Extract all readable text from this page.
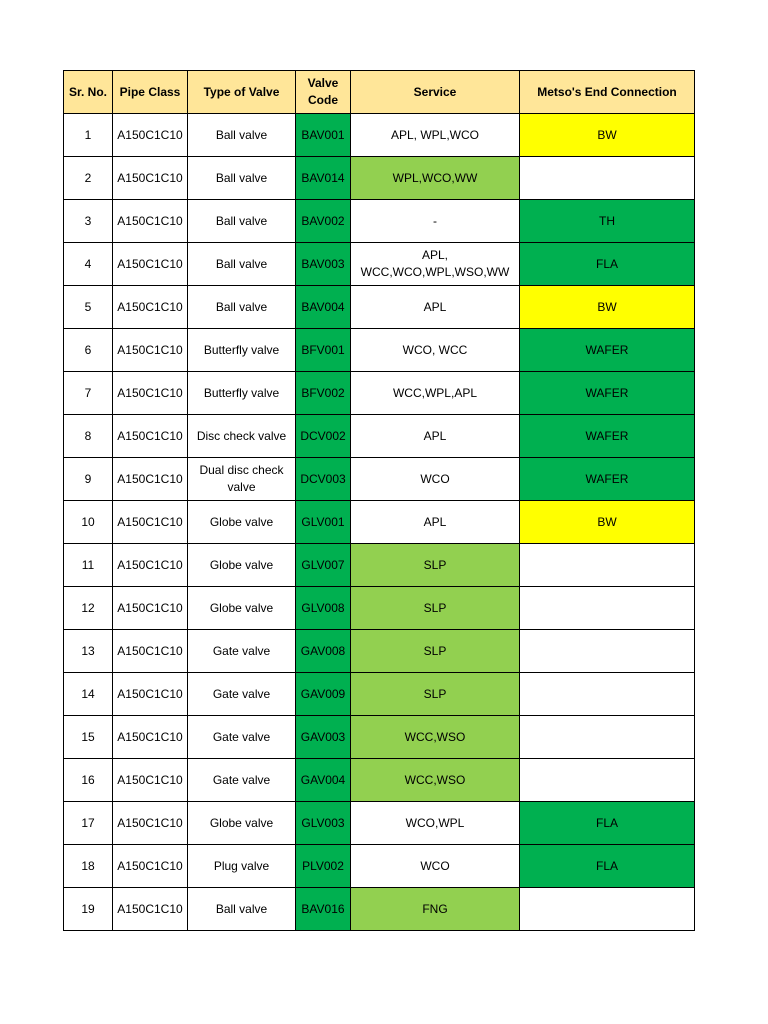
Sr. No.	Pipe Class	Type of Valve	Valve Code	Service	Metso's End Connection
1	A150C1C10	Ball valve	BAV001	APL, WPL,WCO	BW
2	A150C1C10	Ball valve	BAV014	WPL,WCO,WW	
3	A150C1C10	Ball valve	BAV002	-	TH
4	A150C1C10	Ball valve	BAV003	APL, WCC,WCO,WPL,WSO,WW	FLA
5	A150C1C10	Ball valve	BAV004	APL	BW
6	A150C1C10	Butterfly valve	BFV001	WCO, WCC	WAFER
7	A150C1C10	Butterfly valve	BFV002	WCC,WPL,APL	WAFER
8	A150C1C10	Disc check valve	DCV002	APL	WAFER
9	A150C1C10	Dual disc check valve	DCV003	WCO	WAFER
10	A150C1C10	Globe valve	GLV001	APL	BW
11	A150C1C10	Globe valve	GLV007	SLP	
12	A150C1C10	Globe valve	GLV008	SLP	
13	A150C1C10	Gate valve	GAV008	SLP	
14	A150C1C10	Gate valve	GAV009	SLP	
15	A150C1C10	Gate valve	GAV003	WCC,WSO	
16	A150C1C10	Gate valve	GAV004	WCC,WSO	
17	A150C1C10	Globe valve	GLV003	WCO,WPL	FLA
18	A150C1C10	Plug valve	PLV002	WCO	FLA
19	A150C1C10	Ball valve	BAV016	FNG	
